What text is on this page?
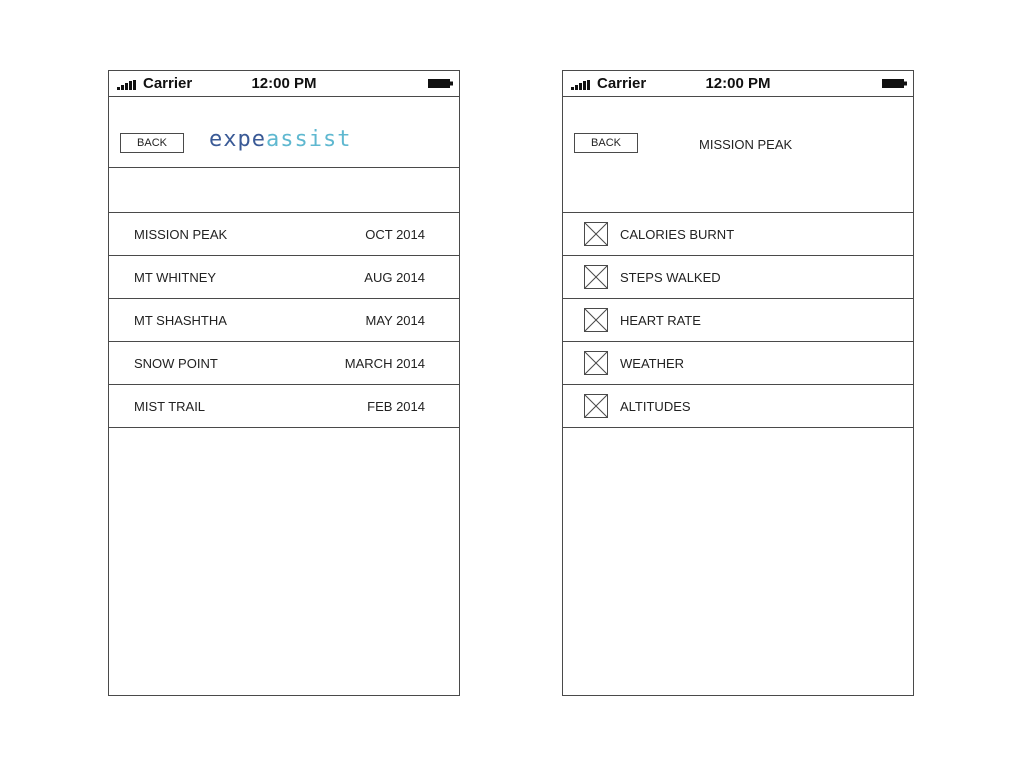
Carrier	12:00 PM
BACK	expeassist
MISSION PEAK	OCT 2014
MT WHITNEY	AUG 2014
MT SHASHTHA	MAY 2014
SNOW POINT	MARCH 2014
MIST TRAIL	FEB 2014
Carrier	12:00 PM
BACK	MISSION PEAK
CALORIES BURNT
STEPS WALKED
HEART RATE
WEATHER
ALTITUDES
